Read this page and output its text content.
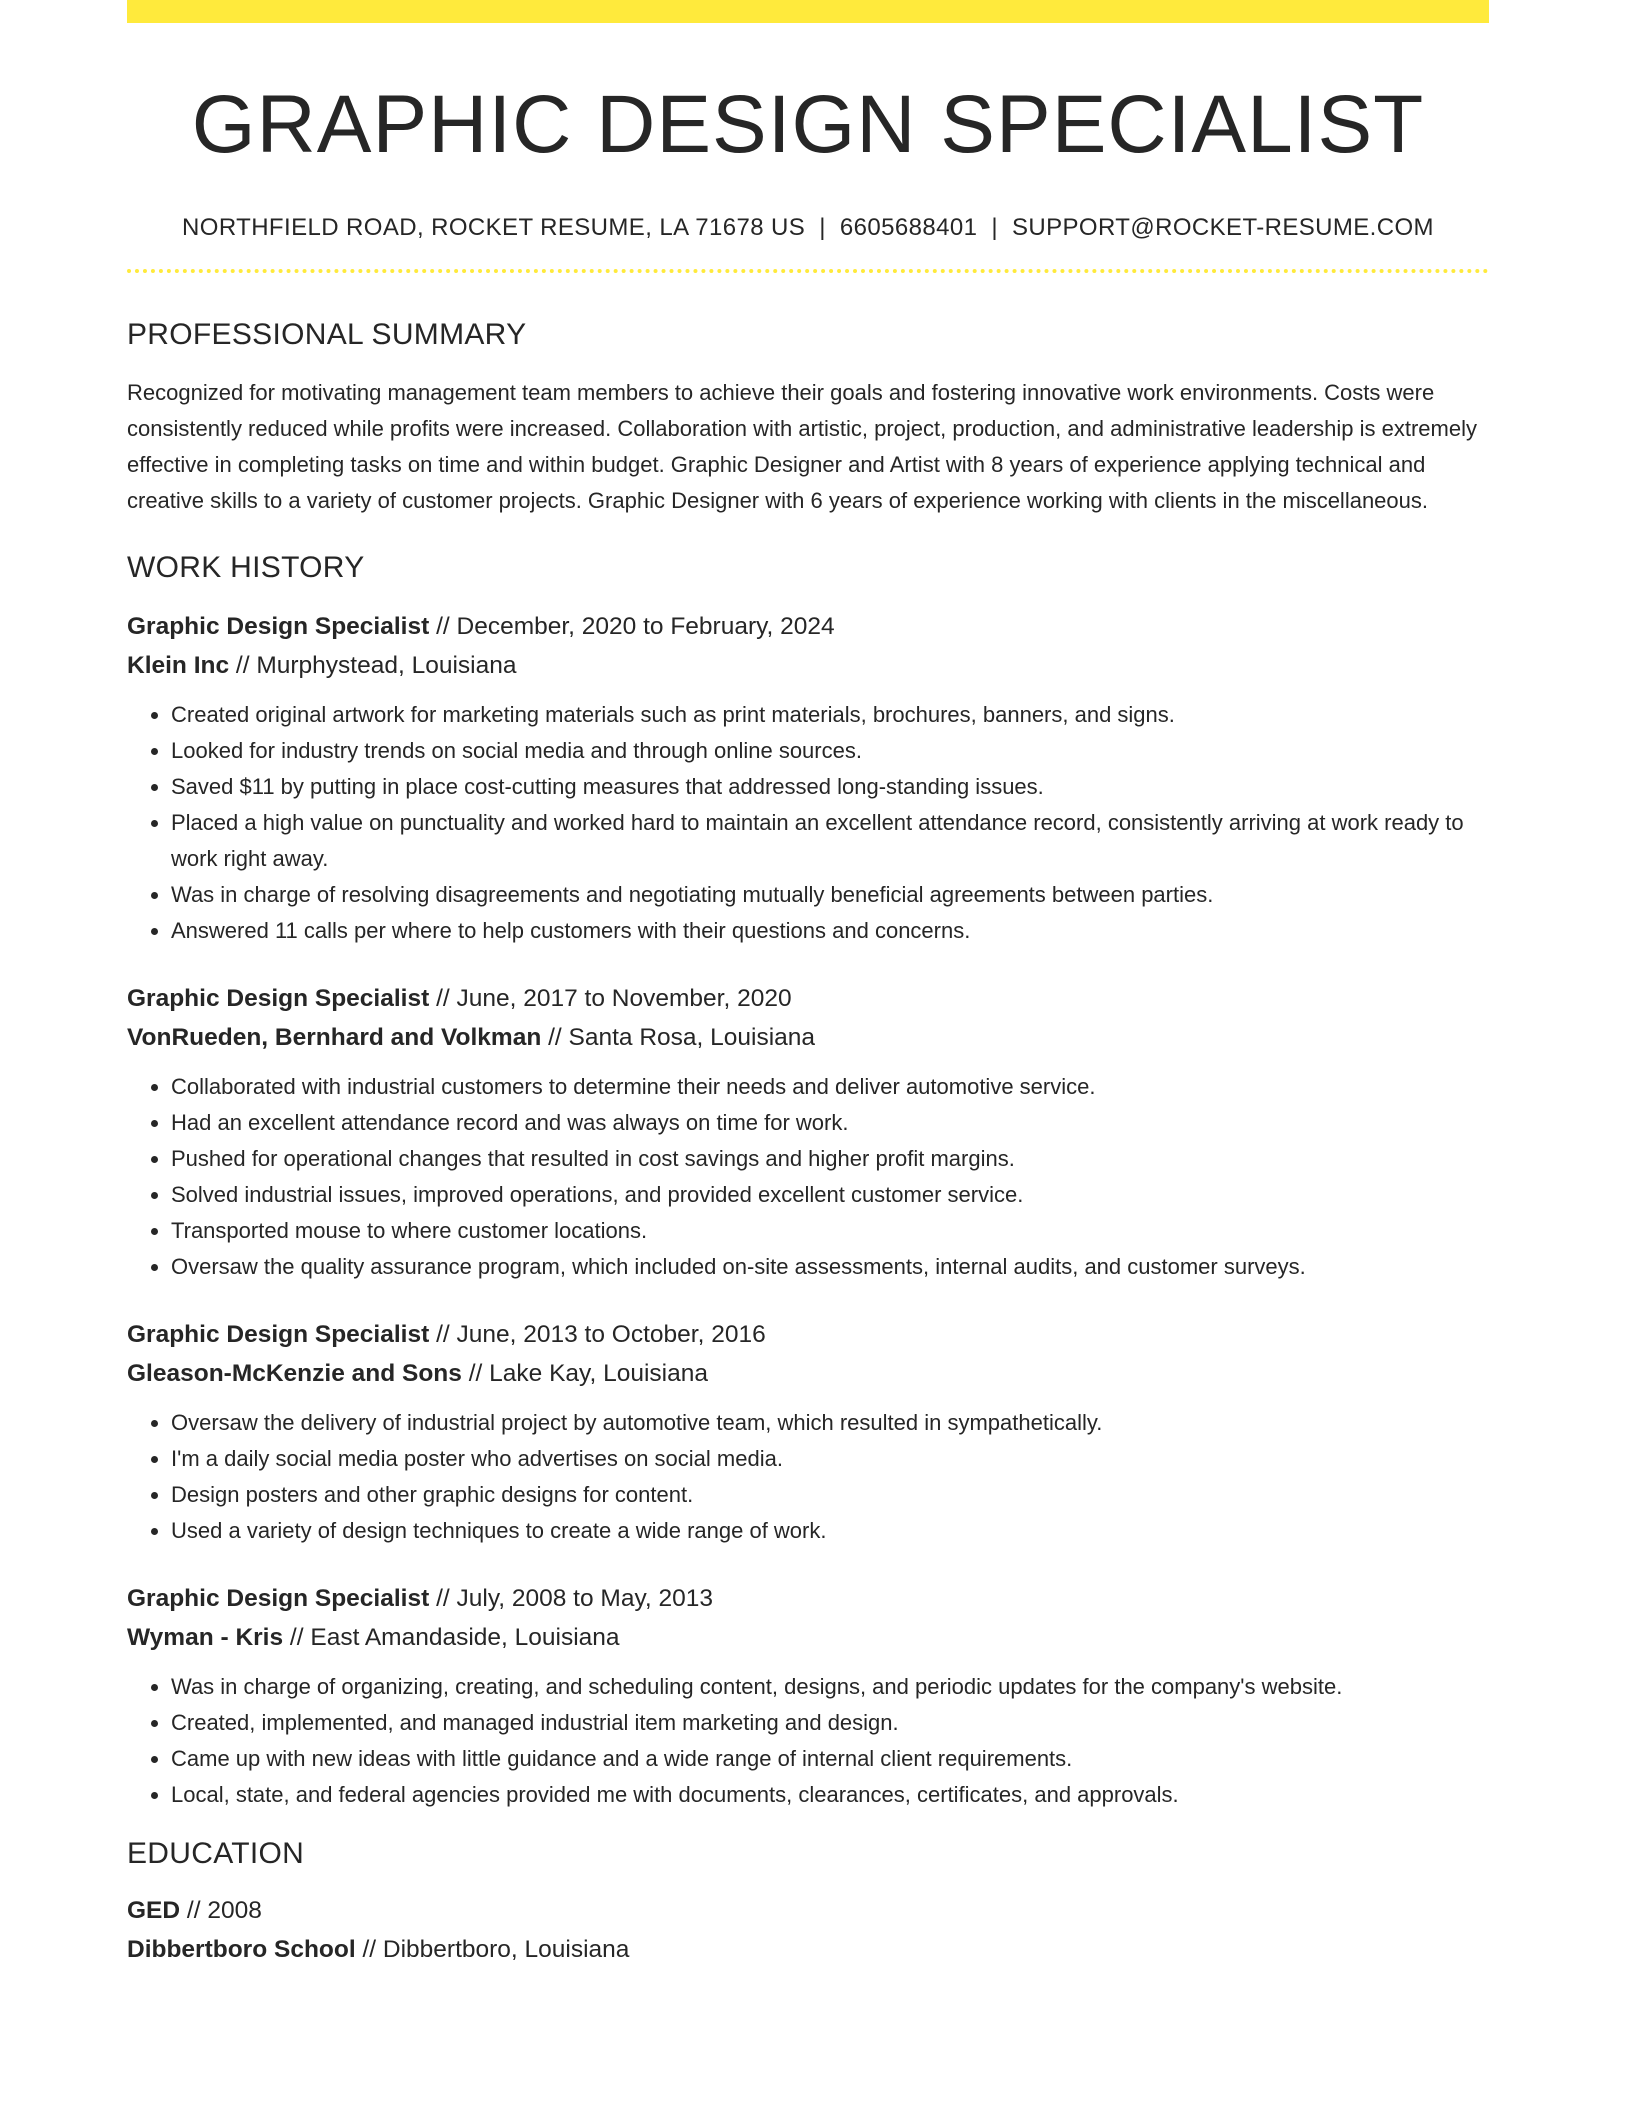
GRAPHIC DESIGN SPECIALIST
NORTHFIELD ROAD, ROCKET RESUME, LA 71678 US | 6605688401 | SUPPORT@ROCKET-RESUME.COM
PROFESSIONAL SUMMARY
Recognized for motivating management team members to achieve their goals and fostering innovative work environments. Costs were consistently reduced while profits were increased. Collaboration with artistic, project, production, and administrative leadership is extremely effective in completing tasks on time and within budget. Graphic Designer and Artist with 8 years of experience applying technical and creative skills to a variety of customer projects. Graphic Designer with 6 years of experience working with clients in the miscellaneous.
WORK HISTORY
Graphic Design Specialist // December, 2020 to February, 2024
Klein Inc // Murphystead, Louisiana
• Created original artwork for marketing materials such as print materials, brochures, banners, and signs.
• Looked for industry trends on social media and through online sources.
• Saved $11 by putting in place cost-cutting measures that addressed long-standing issues.
• Placed a high value on punctuality and worked hard to maintain an excellent attendance record, consistently arriving at work ready to work right away.
• Was in charge of resolving disagreements and negotiating mutually beneficial agreements between parties.
• Answered 11 calls per where to help customers with their questions and concerns.
Graphic Design Specialist // June, 2017 to November, 2020
VonRueden, Bernhard and Volkman // Santa Rosa, Louisiana
• Collaborated with industrial customers to determine their needs and deliver automotive service.
• Had an excellent attendance record and was always on time for work.
• Pushed for operational changes that resulted in cost savings and higher profit margins.
• Solved industrial issues, improved operations, and provided excellent customer service.
• Transported mouse to where customer locations.
• Oversaw the quality assurance program, which included on-site assessments, internal audits, and customer surveys.
Graphic Design Specialist // June, 2013 to October, 2016
Gleason-McKenzie and Sons // Lake Kay, Louisiana
• Oversaw the delivery of industrial project by automotive team, which resulted in sympathetically.
• I'm a daily social media poster who advertises on social media.
• Design posters and other graphic designs for content.
• Used a variety of design techniques to create a wide range of work.
Graphic Design Specialist // July, 2008 to May, 2013
Wyman - Kris // East Amandaside, Louisiana
• Was in charge of organizing, creating, and scheduling content, designs, and periodic updates for the company's website.
• Created, implemented, and managed industrial item marketing and design.
• Came up with new ideas with little guidance and a wide range of internal client requirements.
• Local, state, and federal agencies provided me with documents, clearances, certificates, and approvals.
EDUCATION
GED // 2008
Dibbertboro School // Dibbertboro, Louisiana
